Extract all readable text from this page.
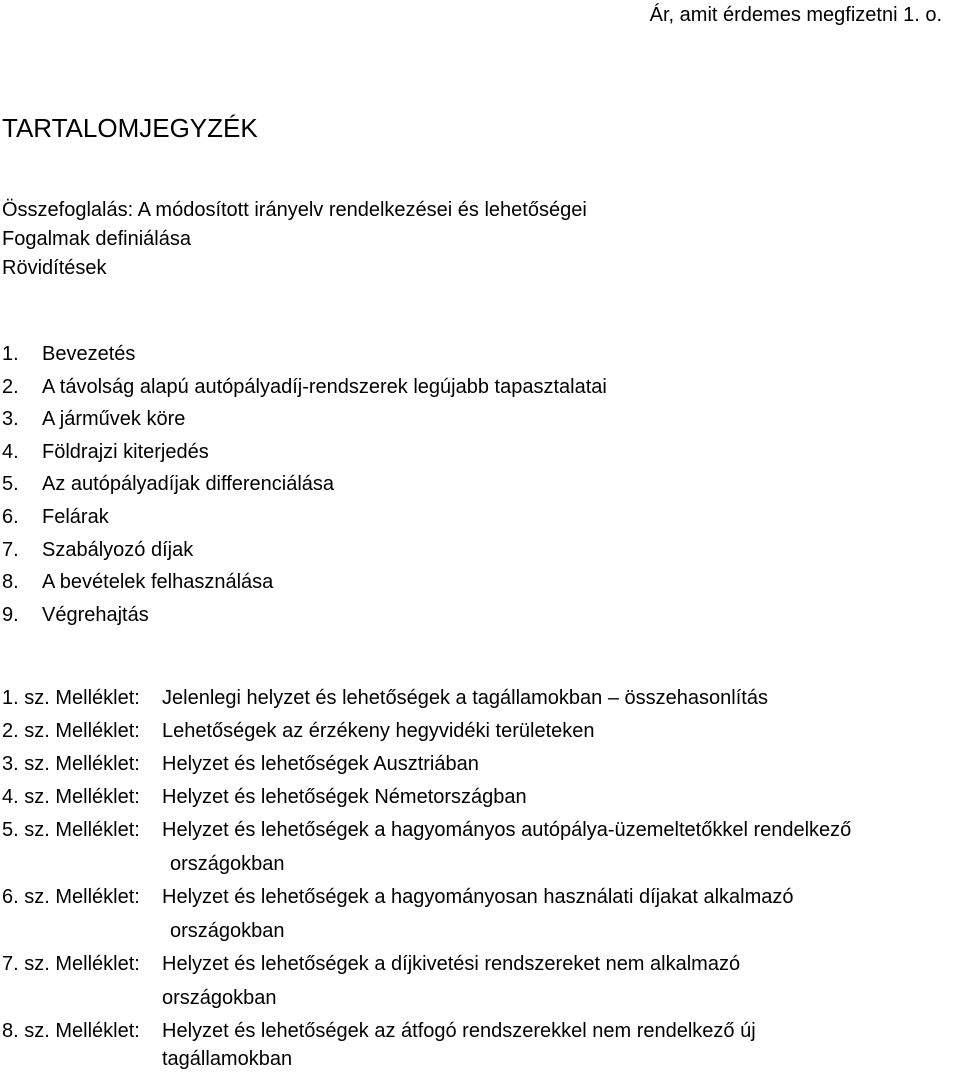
Ár, amit érdemes megfizetni 1. o.
TARTALOMJEGYZÉK
Összefoglalás: A módosított irányelv rendelkezései és lehetőségei
Fogalmak definiálása
Rövidítések
1. Bevezetés
2. A távolság alapú autópályadíj-rendszerek legújabb tapasztalatai
3. A járművek köre
4. Földrajzi kiterjedés
5. Az autópályadíjak differenciálása
6. Felárak
7. Szabályozó díjak
8. A bevételek felhasználása
9. Végrehajtás
1. sz. Melléklet: Jelenlegi helyzet és lehetőségek a tagállamokban – összehasonlítás
2. sz. Melléklet: Lehetőségek az érzékeny hegyvidéki területeken
3. sz. Melléklet: Helyzet és lehetőségek Ausztriában
4. sz. Melléklet: Helyzet és lehetőségek Németországban
5. sz. Melléklet: Helyzet és lehetőségek a hagyományos autópálya-üzemeltetőkkel rendelkező
országokban
6. sz. Melléklet: Helyzet és lehetőségek a hagyományosan használati díjakat alkalmazó
országokban
7. sz. Melléklet: Helyzet és lehetőségek a díjkivetési rendszereket nem alkalmazó
országokban
8. sz. Melléklet: Helyzet és lehetőségek az átfogó rendszerekkel nem rendelkező új
tagállamokban
